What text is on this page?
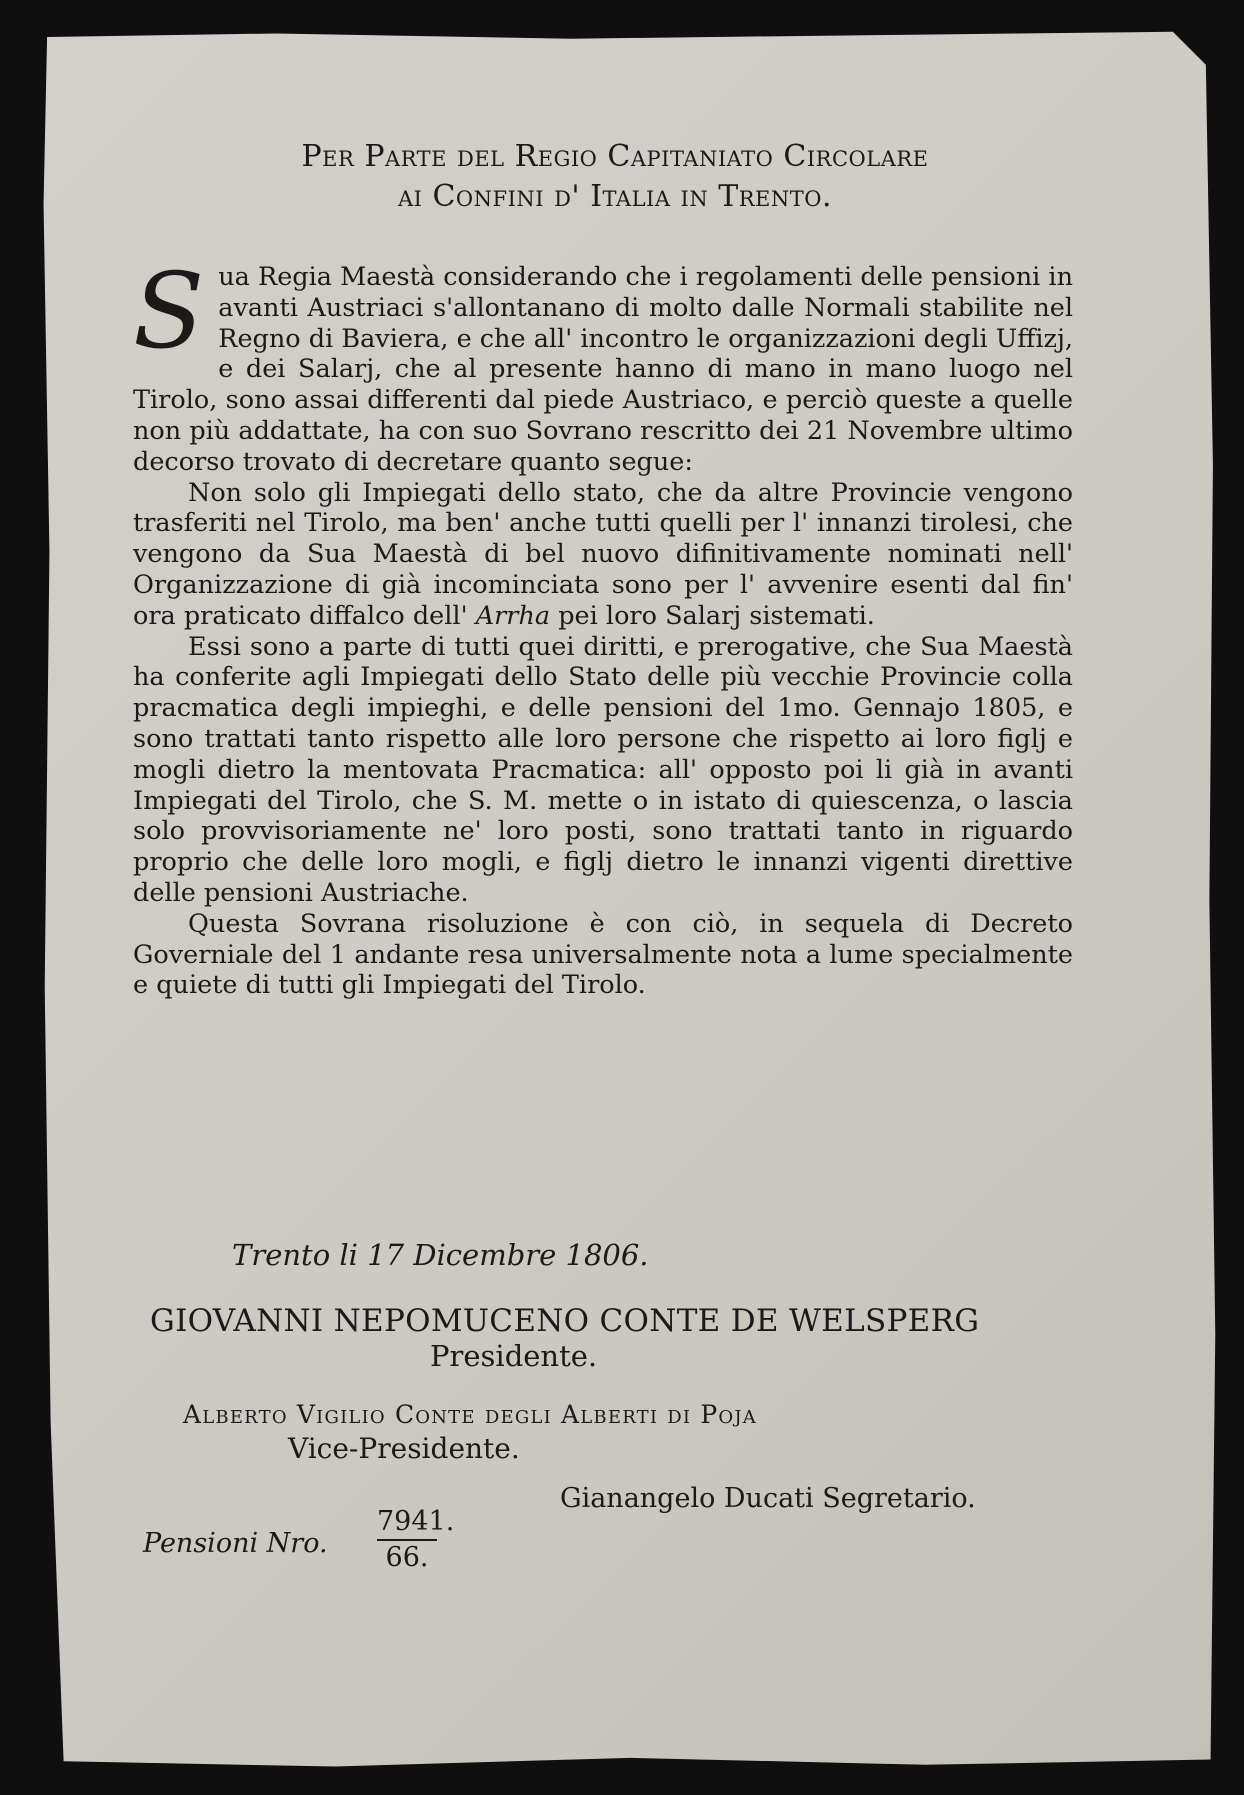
Per Parte del Regio Capitaniato Circolare
ai Confini d' Italia in Trento.

Sua Regia Maestà considerando che i regolamenti delle pensioni in avanti Austriaci s'allontanano di molto dalle Normali stabilite nel Regno di Baviera, e che all' incontro le organizzazioni degli Uffizj, e dei Salarj, che al presente hanno di mano in mano luogo nel Tirolo, sono assai differenti dal piede Austriaco, e perciò queste a quelle non più addattate, ha con suo Sovrano rescritto dei 21 Novembre ultimo decorso trovato di decretare quanto segue:

Non solo gli Impiegati dello stato, che da altre Provincie vengono trasferiti nel Tirolo, ma ben' anche tutti quelli per l' innanzi tirolesi, che vengono da Sua Maestà di bel nuovo difinitivamente nominati nell' Organizzazione di già incominciata sono per l' avvenire esenti dal fin' ora praticato diffalco dell' Arrha pei loro Salarj sistemati.

Essi sono a parte di tutti quei diritti, e prerogative, che Sua Maestà ha conferite agli Impiegati dello Stato delle più vecchie Provincie colla pracmatica degli impieghi, e delle pensioni del 1mo. Gennajo 1805, e sono trattati tanto rispetto alle loro persone che rispetto ai loro figlj e mogli dietro la mentovata Pracmatica: all' opposto poi li già in avanti Impiegati del Tirolo, che S. M. mette o in istato di quiescenza, o lascia solo provvisoriamente ne' loro posti, sono trattati tanto in riguardo proprio che delle loro mogli, e figlj dietro le innanzi vigenti direttive delle pensioni Austriache.

Questa Sovrana risoluzione è con ciò, in sequela di Decreto Governiale del 1 andante resa universalmente nota a lume specialmente e quiete di tutti gli Impiegati del Tirolo.

Trento li 17 Dicembre 1806.
GIOVANNI NEPOMUCENO CONTE DE WELSPERG
Presidente.
Alberto Vigilio Conte degli Alberti di Poja
Vice-Presidente.
Gianangelo Ducati Segretario.
Pensioni Nro. $\frac{7941.}{66.}$
